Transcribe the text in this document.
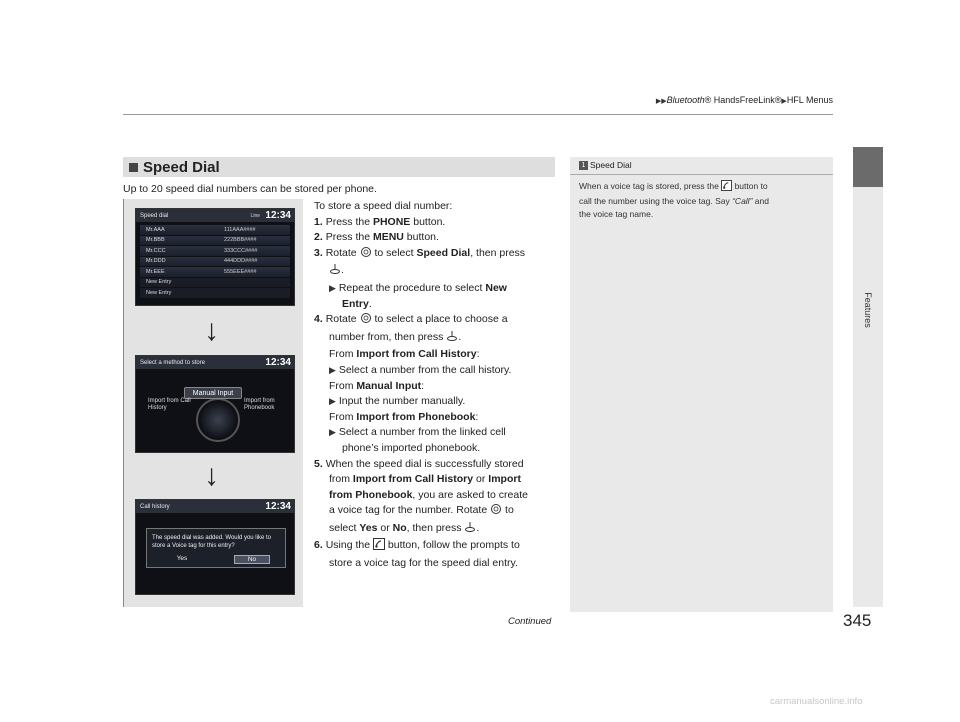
▶▶Bluetooth® HandsFreeLink®▶HFL Menus
Features
Speed Dial
Up to 20 speed dial numbers can be stored per phone.
Speed dial	Line 12:34
Mr.AAA	111AAA####
Mr.BBB	222BBB####
Mr.CCC	333CCC####
Mr.DDD	444DDD####
Mr.EEE	555EEE####
New Entry
New Entry
↓
Select a method to store	12:34
Manual Input
Import from Call History
Import from Phonebook
↓
Call history	12:34
The speed dial was added. Would you like to store a Voice tag for this entry?
Yes	No
To store a speed dial number:
1. Press the PHONE button.
2. Press the MENU button.
3. Rotate  to select Speed Dial, then press
.
▶ Repeat the procedure to select New
Entry.
4. Rotate  to select a place to choose a
number from, then press .
From Import from Call History:
▶ Select a number from the call history.
From Manual Input:
▶ Input the number manually.
From Import from Phonebook:
▶ Select a number from the linked cell
phone’s imported phonebook.
5. When the speed dial is successfully stored
from Import from Call History or Import
from Phonebook, you are asked to create
a voice tag for the number. Rotate  to
select Yes or No, then press .
6. Using the  button, follow the prompts to
store a voice tag for the speed dial entry.
1 Speed Dial
When a voice tag is stored, press the  button to
call the number using the voice tag. Say “Call” and
the voice tag name.
Continued	345
carmanualsonline.info
